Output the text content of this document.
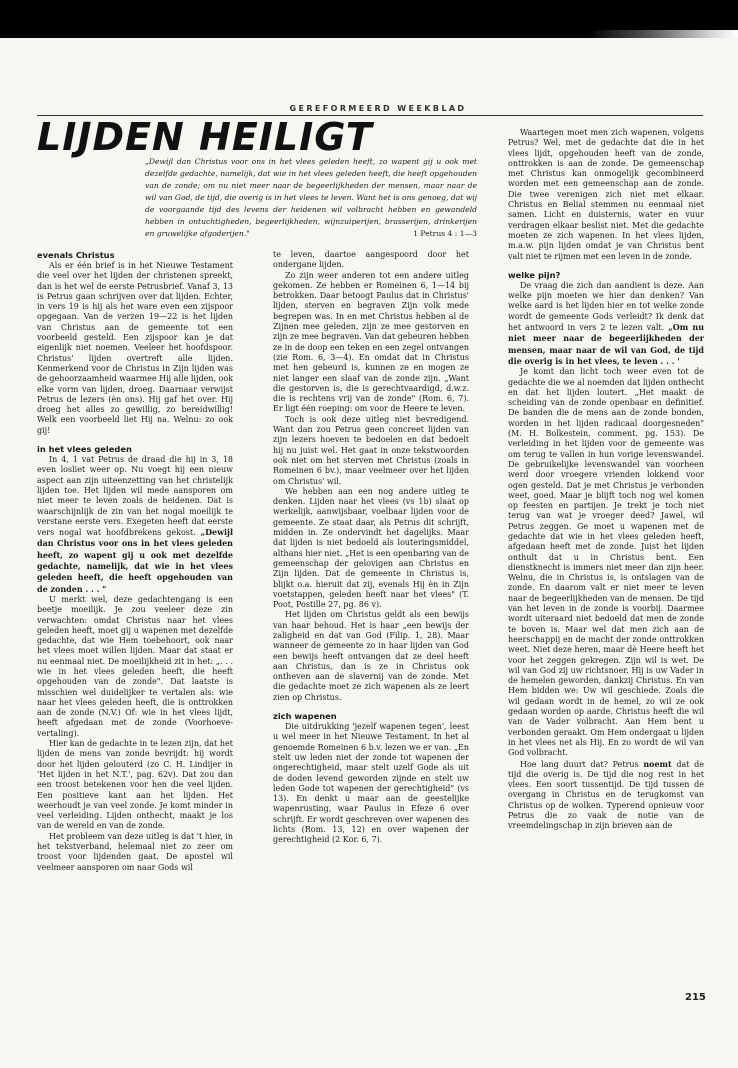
GEREFORMEERD WEEKBLAD
LIJDEN HEILIGT

„Dewijl dan Christus voor ons in het vlees geleden heeft, zo wapent gij u ook met dezelfde gedachte, namelijk, dat wie in het vlees geleden heeft, die heeft opgehouden van de zonde; om nu niet meer naar de begeerlijkheden der mensen, maar naar de wil van God, de tijd, die overig is in het vlees te leven. Want het is ons genoeg, dat wij de voorgaande tijd des levens der heidenen wil volbracht hebben en gewandeld hebben in ontuchtigheden, begeerlijkheden, wijnzuiperijen, brasserijen, drinkerijen en gruwelijke afgoderijen."	1 Petrus 4 : 1—3

evenals Christus

Als er één brief is in het Nieuwe Testament die veel over het lijden der christenen spreekt, dan is het wel de eerste Petrusbrief. Vanaf 3, 13 is Petrus gaan schrijven over dat lijden. Echter, in vers 19 is hij als het ware even een zijspoor opgegaan. Van de verzen 19—22 is het lijden van Christus aan de gemeente tot een voorbeeld gesteld. Een zijspoor kan je dat eigenlijk niet noemen. Veeleer het hoofdspoor. Christus' lijden overtreft alle lijden. Kenmerkend voor de Christus in Zijn lijden was de gehoorzaamheid waarmee Hij alle lijden, ook elke vorm van lijden, droeg. Daarnaar verwijst Petrus de lezers (èn ons). Hij gaf het over. Hij droeg het alles zo gewillig, zo bereidwillig! Welk een voorbeeld liet Hij na. Welnu: zo ook gij!

in het vlees geleden

In 4, 1 vat Petrus de draad die hij in 3, 18 even losliet weer op. Nu voegt hij een nieuw aspect aan zijn uiteenzetting van het christelijk lijden toe. Het lijden wil mede aansporen om niet meer te leven zoals de heidenen. Dat is waarschijnlijk de zin van het nogal moeilijk te verstane eerste vers. Exegeten heeft dat eerste vers nogal wat hoofdbrekens gekost. „Dewijl dan Christus voor ons in het vlees geleden heeft, zo wapent gij u ook met dezelfde gedachte, namelijk, dat wie in het vlees geleden heeft, die heeft opgehouden van de zonden . . . "

U merkt wel, deze gedachtengang is een beetje moeilijk. Je zou veeleer deze zin verwachten: omdat Christus naar het vlees geleden heeft, moet gij u wapenen met dezelfde gedachte, dat wie Hem toebehoort, ook naar het vlees moet willen lijden. Maar dat staat er nu eenmaal niet. De moeilijkheid zit in het: „. . . wie in het vlees geleden heeft, die heeft opgehouden van de zonde". Dat laatste is misschien wel duidelijker te vertalen als: wie naar het vlees geleden heeft, die is onttrokken aan de zonde (N.V.) Of: wie in het vlees lijdt, heeft afgedaan met de zonde (Voorhoeve-vertaling).

Hier kan de gedachte in te lezen zijn, dat het lijden de mens van zonde bevrijdt: hij wordt door het lijden gelouterd (zo C. H. Lindijer in 'Het lijden in het N.T.', pag. 62v). Dat zou dan een troost betekenen voor hen die veel lijden. Een positieve kant aan het lijden. Het weerhoudt je van veel zonde. Je komt minder in veel verleiding. Lijden onthecht, maakt je los van de wereld en van de zonde.

Het probleem van deze uitleg is dat 't hier, in het tekstverband, helemaal niet zo zeer om troost voor lijdenden gaat. De apostel wil veelmeer aansporen om naar Gods wil

te leven, daartoe aangespoord door het ondergane lijden.

Zo zijn weer anderen tot een andere uitleg gekomen. Ze hebben er Romeinen 6, 1—14 bij betrokken. Daar betoogt Paulus dat in Christus' lijden, sterven en begraven Zijn volk mede begrepen was. In en met Christus hebben al de Zijnen mee geleden, zijn ze mee gestorven en zijn ze mee begraven. Van dat gebeuren hebben ze in de doop een teken en een zegel ontvangen (zie Rom. 6, 3—4). En omdat dat in Christus met hen gebeurd is, kunnen ze en mogen ze niet langer een slaaf van de zonde zijn. „Want die gestorven is, die is gerechtvaardigd, d.w.z. die is rechtens vrij van de zonde" (Rom. 6, 7). Er ligt één roeping: om voor de Heere te leven.

Toch is ook deze uitleg niet bevredigend. Want dan zou Petrus geen concreet lijden van zijn lezers hoeven te bedoelen en dat bedoelt hij nu juist wel. Het gaat in onze tekstwoorden ook niet om het sterven met Christus (zoals in Romeinen 6 bv.), maar veelmeer over het lijden om Christus' wil.

We hebben aan een nog andere uitleg te denken. Lijden naar het vlees (vs 1b) slaat op werkelijk, aanwijsbaar, voelbaar lijden voor de gemeente. Ze staat daar, als Petrus dit schrijft, midden in. Ze ondervindt het dagelijks. Maar dat lijden is niet bedoeld als louteringsmiddel, althans hier niet. „Het is een openbaring van de gemeenschap der gelovigen aan Christus en Zijn lijden. Dat de gemeente in Christus is, blijkt o.a. hieruit dat zij, evenals Hij èn in Zijn voetstappen, geleden heeft naar het vlees" (T. Poot, Postille 27, pg. 86 v).

Het lijden om Christus geldt als een bewijs van haar behoud. Het is haar „een bewijs der zaligheid en dat van God (Filip. 1, 28). Maar wanneer de gemeente zo in haar lijden van God een bewijs heeft ontvangen dat ze deel heeft aan Christus, dan is ze in Christus ook ontheven aan de slavernij van de zonde. Met die gedachte moet ze zich wapenen als ze leert zien op Christus.

zich wapenen

Die uitdrukking 'jezelf wapenen tegen', leest u wel meer in het Nieuwe Testament. In het al genoemde Romeinen 6 b.v. lezen we er van. „En stelt uw leden niet der zonde tot wapenen der ongerechtigheid, maar stelt uzelf Gode als uit de doden levend geworden zijnde en stelt uw leden Gode tot wapenen der gerechtigheid" (vs 13). En denkt u maar aan de geestelijke wapenrusting, waar Paulus in Efeze 6 over schrijft. Er wordt geschreven over wapenen des lichts (Rom. 13, 12) en over wapenen der gerechtigheid (2 Kor. 6, 7).

Waartegen moet men zich wapenen, volgens Petrus? Wel, met de gedachte dat die in het vlees lijdt, opgehouden heeft van de zonde, onttrokken is aan de zonde. De gemeenschap met Christus kan onmogelijk gecombineerd worden met een gemeenschap aan de zonde. Die twee verenigen zich niet met elkaar. Christus en Belial stemmen nu eenmaal niet samen. Licht en duisternis, water en vuur verdragen elkaar beslist niet. Met die gedachte moeten ze zich wapenen. In het vlees lijden, m.a.w. pijn lijden omdat je van Christus bent valt niet te rijmen met een leven in de zonde.

welke pijn?

De vraag die zich dan aandient is deze. Aan welke pijn moeten we hier dan denken? Van welke aard is het lijden hier en tot welke zonde wordt de gemeente Gods verleidt? Ik denk dat het antwoord in vers 2 te lezen valt. „Om nu niet meer naar de begeerlijkheden der mensen, maar naar de wil van God, de tijd die overig is in het vlees, te leven . . . '

Je komt dan licht toch weer even tot de gedachte die we al noemden dat lijden onthecht en dat het lijden loutert. „Het maakt de scheiding van de zonde openbaar en definitief. De banden die de mens aan de zonde bonden, worden in het lijden radicaal doorgesneden" (M. H. Bolkestein, comment. pg. 153). De verleiding in het lijden voor de gemeente was om terug te vallen in hun vorige levenswandel. De gebruikelijke levenswandel van voorheen werd door vroegere vrienden lokkend voor ogen gesteld. Dat je met Christus je verbonden weet, goed. Maar je blijft toch nog wel komen op feesten en partijen. Je trekt je toch niet terug van wat je vroeger deed? Jawel, wil Petrus zeggen. Ge moet u wapenen met de gedachte dat wie in het vlees geleden heeft, afgedaan heeft met de zonde. Juist het lijden onthult dat u in Christus bent. Een dienstknecht is immers niet meer dan zijn heer. Welnu, die in Christus is, is ontslagen van de zonde. En daarom valt er niet meer te leven naar de begeerlijkheden van de mensen. De tijd van het leven in de zonde is voorbij. Daarmee wordt uiteraard niet bedoeld dat men de zonde te boven is. Maar wel dat men zich aan de heerschappij en de macht der zonde onttrokken weet. Niet deze heren, maar dè Heere heeft het voor het zeggen gekregen. Zijn wil is wet. De wil van God zij uw richtsnoer. Hij is uw Vader in de hemelen geworden, dankzij Christus. En van Hem bidden we: Uw wil geschiede. Zoals die wil gedaan wordt in de hemel, zo wil ze ook gedaan worden op aarde. Christus heeft die wil van de Vader volbracht. Aan Hem bent u verbonden geraakt. Om Hem ondergaat u lijden in het vlees net als Hij. En zo wordt de wil van God volbracht.

Hoe lang duurt dat? Petrus noemt dat de tijd die overig is. De tijd die nog rest in het vlees. Een soort tussentijd. De tijd tussen de overgang in Christus en de terugkomst van Christus op de wolken. Typerend opnieuw voor Petrus die zo vaak de notie van de vreemdelingschap in zijn brieven aan de

215
